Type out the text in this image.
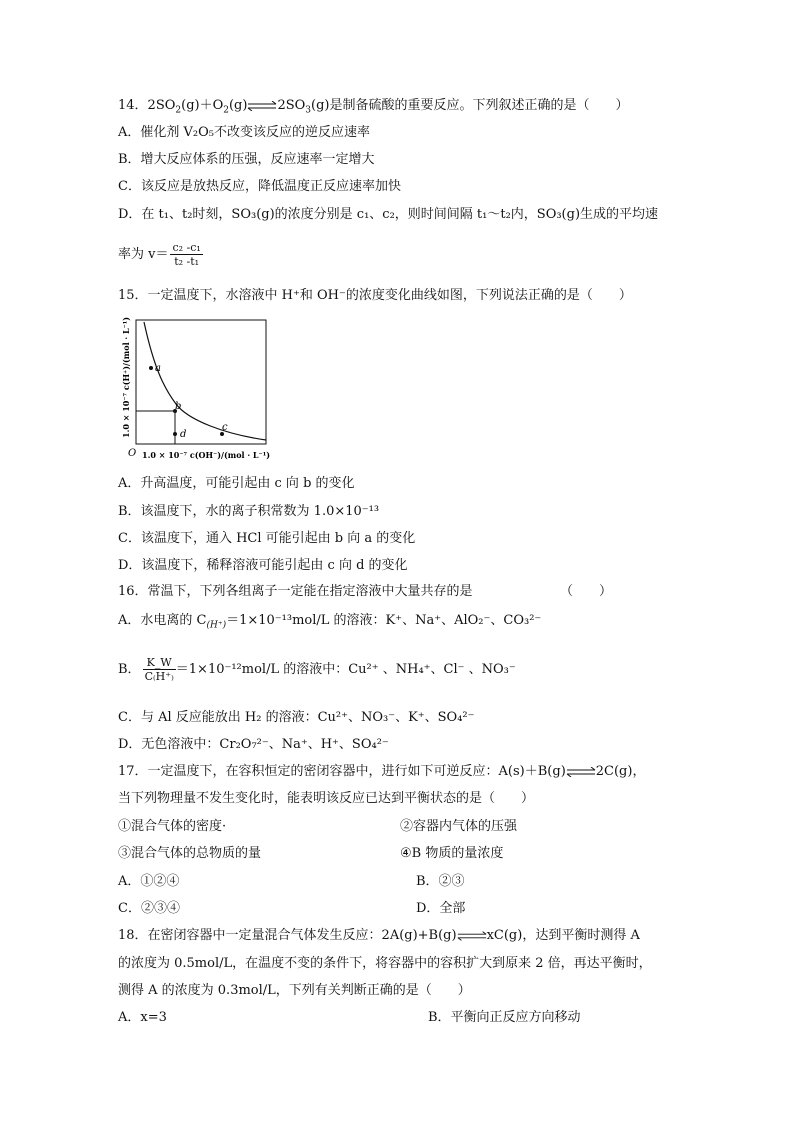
14．$2SO_2(g)+O_2(g)\rightleftharpoons 2SO_3(g)$是制备硫酸的重要反应。下列叙述正确的是（　　）
A．催化剂 V₂O₅不改变该反应的逆反应速率
B．增大反应体系的压强，反应速率一定增大
C．该反应是放热反应，降低温度正反应速率加快
D．在 t₁、t₂时刻，SO₃(g)的浓度分别是 c₁、c₂，则时间间隔 t₁～t₂内，SO₃(g)生成的平均速
率为 $v= \frac{\text{c₂ -c₁}}{\text{t₂ -t₁}}$
15．一定温度下，水溶液中 H⁺和 OH⁻的浓度变化曲线如图，下列说法正确的是（　　）
a
b
d
c
O 1.0 × 10⁻⁷ c(OH⁻)/(mol · L⁻¹)
1.0 × 10⁻⁷ c(H⁺)/(mol · L⁻¹)
A．升高温度，可能引起由 c 向 b 的变化
B．该温度下，水的离子积常数为 1.0×10⁻¹³
C．该温度下，通入 HCl 可能引起由 b 向 a 的变化
D．该温度下，稀释溶液可能引起由 c 向 d 的变化
16．常温下，下列各组离子一定能在指定溶液中大量共存的是	（　　）
A．水电离的 $C_{(H^+)}=1\times 10^{-13}mol/L$ 的溶液：K⁺、Na⁺、AlO₂⁻、CO₃²⁻
B． $\frac{K\_W}{C_(H^+_)} =1\times 10^{-12}mol/L$ 的溶液中：Cu²⁺ 、NH₄⁺、Cl⁻ 、NO₃⁻
C．与 Al 反应能放出 H₂ 的溶液：Cu²⁺、NO₃⁻、K⁺、SO₄²⁻
D．无色溶液中：Cr₂O₇²⁻、Na⁺、H⁺、SO₄²⁻
17．一定温度下，在容积恒定的密闭容器中，进行如下可逆反应：A(s)＋B(g)⇌2C(g)，
当下列物理量不发生变化时，能表明该反应已达到平衡状态的是（　　）
①混合气体的密度·	②容器内气体的压强
③混合气体的总物质的量	④B 物质的量浓度
A．①②④	B．②③
C．②③④	D．全部
18．在密闭容器中一定量混合气体发生反应：2A(g)+B(g)⇌xC(g)，达到平衡时测得 A
的浓度为 0.5mol/L，在温度不变的条件下，将容器中的容积扩大到原来 2 倍，再达平衡时，
测得 A 的浓度为 0.3mol/L，下列有关判断正确的是（　　）
A．x=3	B．平衡向正反应方向移动
